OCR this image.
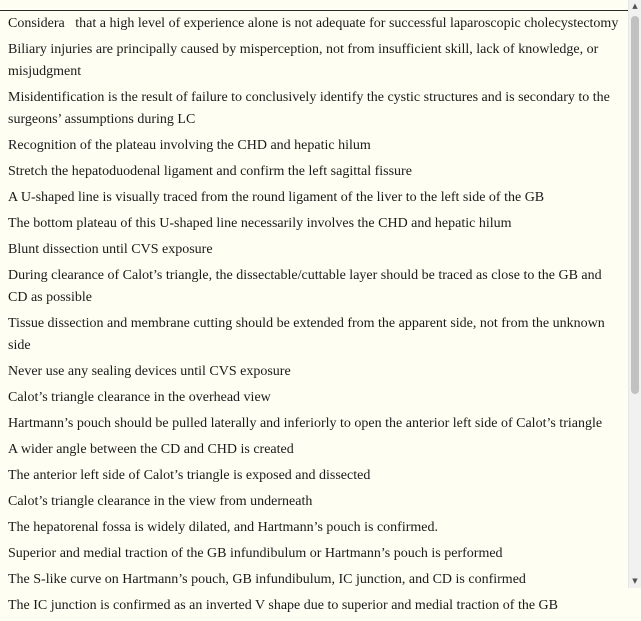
Considera   that a high level of experience alone is not adequate for successful laparoscopic cholecystectomy

Biliary injuries are principally caused by misperception, not from insufficient skill, lack of knowledge, or misjudgment

Misidentification is the result of failure to conclusively identify the cystic structures and is secondary to the surgeons’ assumptions during LC

Recognition of the plateau involving the CHD and hepatic hilum

Stretch the hepatoduodenal ligament and confirm the left sagittal fissure

A U-shaped line is visually traced from the round ligament of the liver to the left side of the GB

The bottom plateau of this U-shaped line necessarily involves the CHD and hepatic hilum

Blunt dissection until CVS exposure

During clearance of Calot’s triangle, the dissectable/cuttable layer should be traced as close to the GB and CD as possible

Tissue dissection and membrane cutting should be extended from the apparent side, not from the unknown side

Never use any sealing devices until CVS exposure

Calot’s triangle clearance in the overhead view

Hartmann’s pouch should be pulled laterally and inferiorly to open the anterior left side of Calot’s triangle

A wider angle between the CD and CHD is created

The anterior left side of Calot’s triangle is exposed and dissected

Calot’s triangle clearance in the view from underneath

The hepatorenal fossa is widely dilated, and Hartmann’s pouch is confirmed.

Superior and medial traction of the GB infundibulum or Hartmann’s pouch is performed

The S-like curve on Hartmann’s pouch, GB infundibulum, IC junction, and CD is confirmed

The IC junction is confirmed as an inverted V shape due to superior and medial traction of the GB

▲
▼
